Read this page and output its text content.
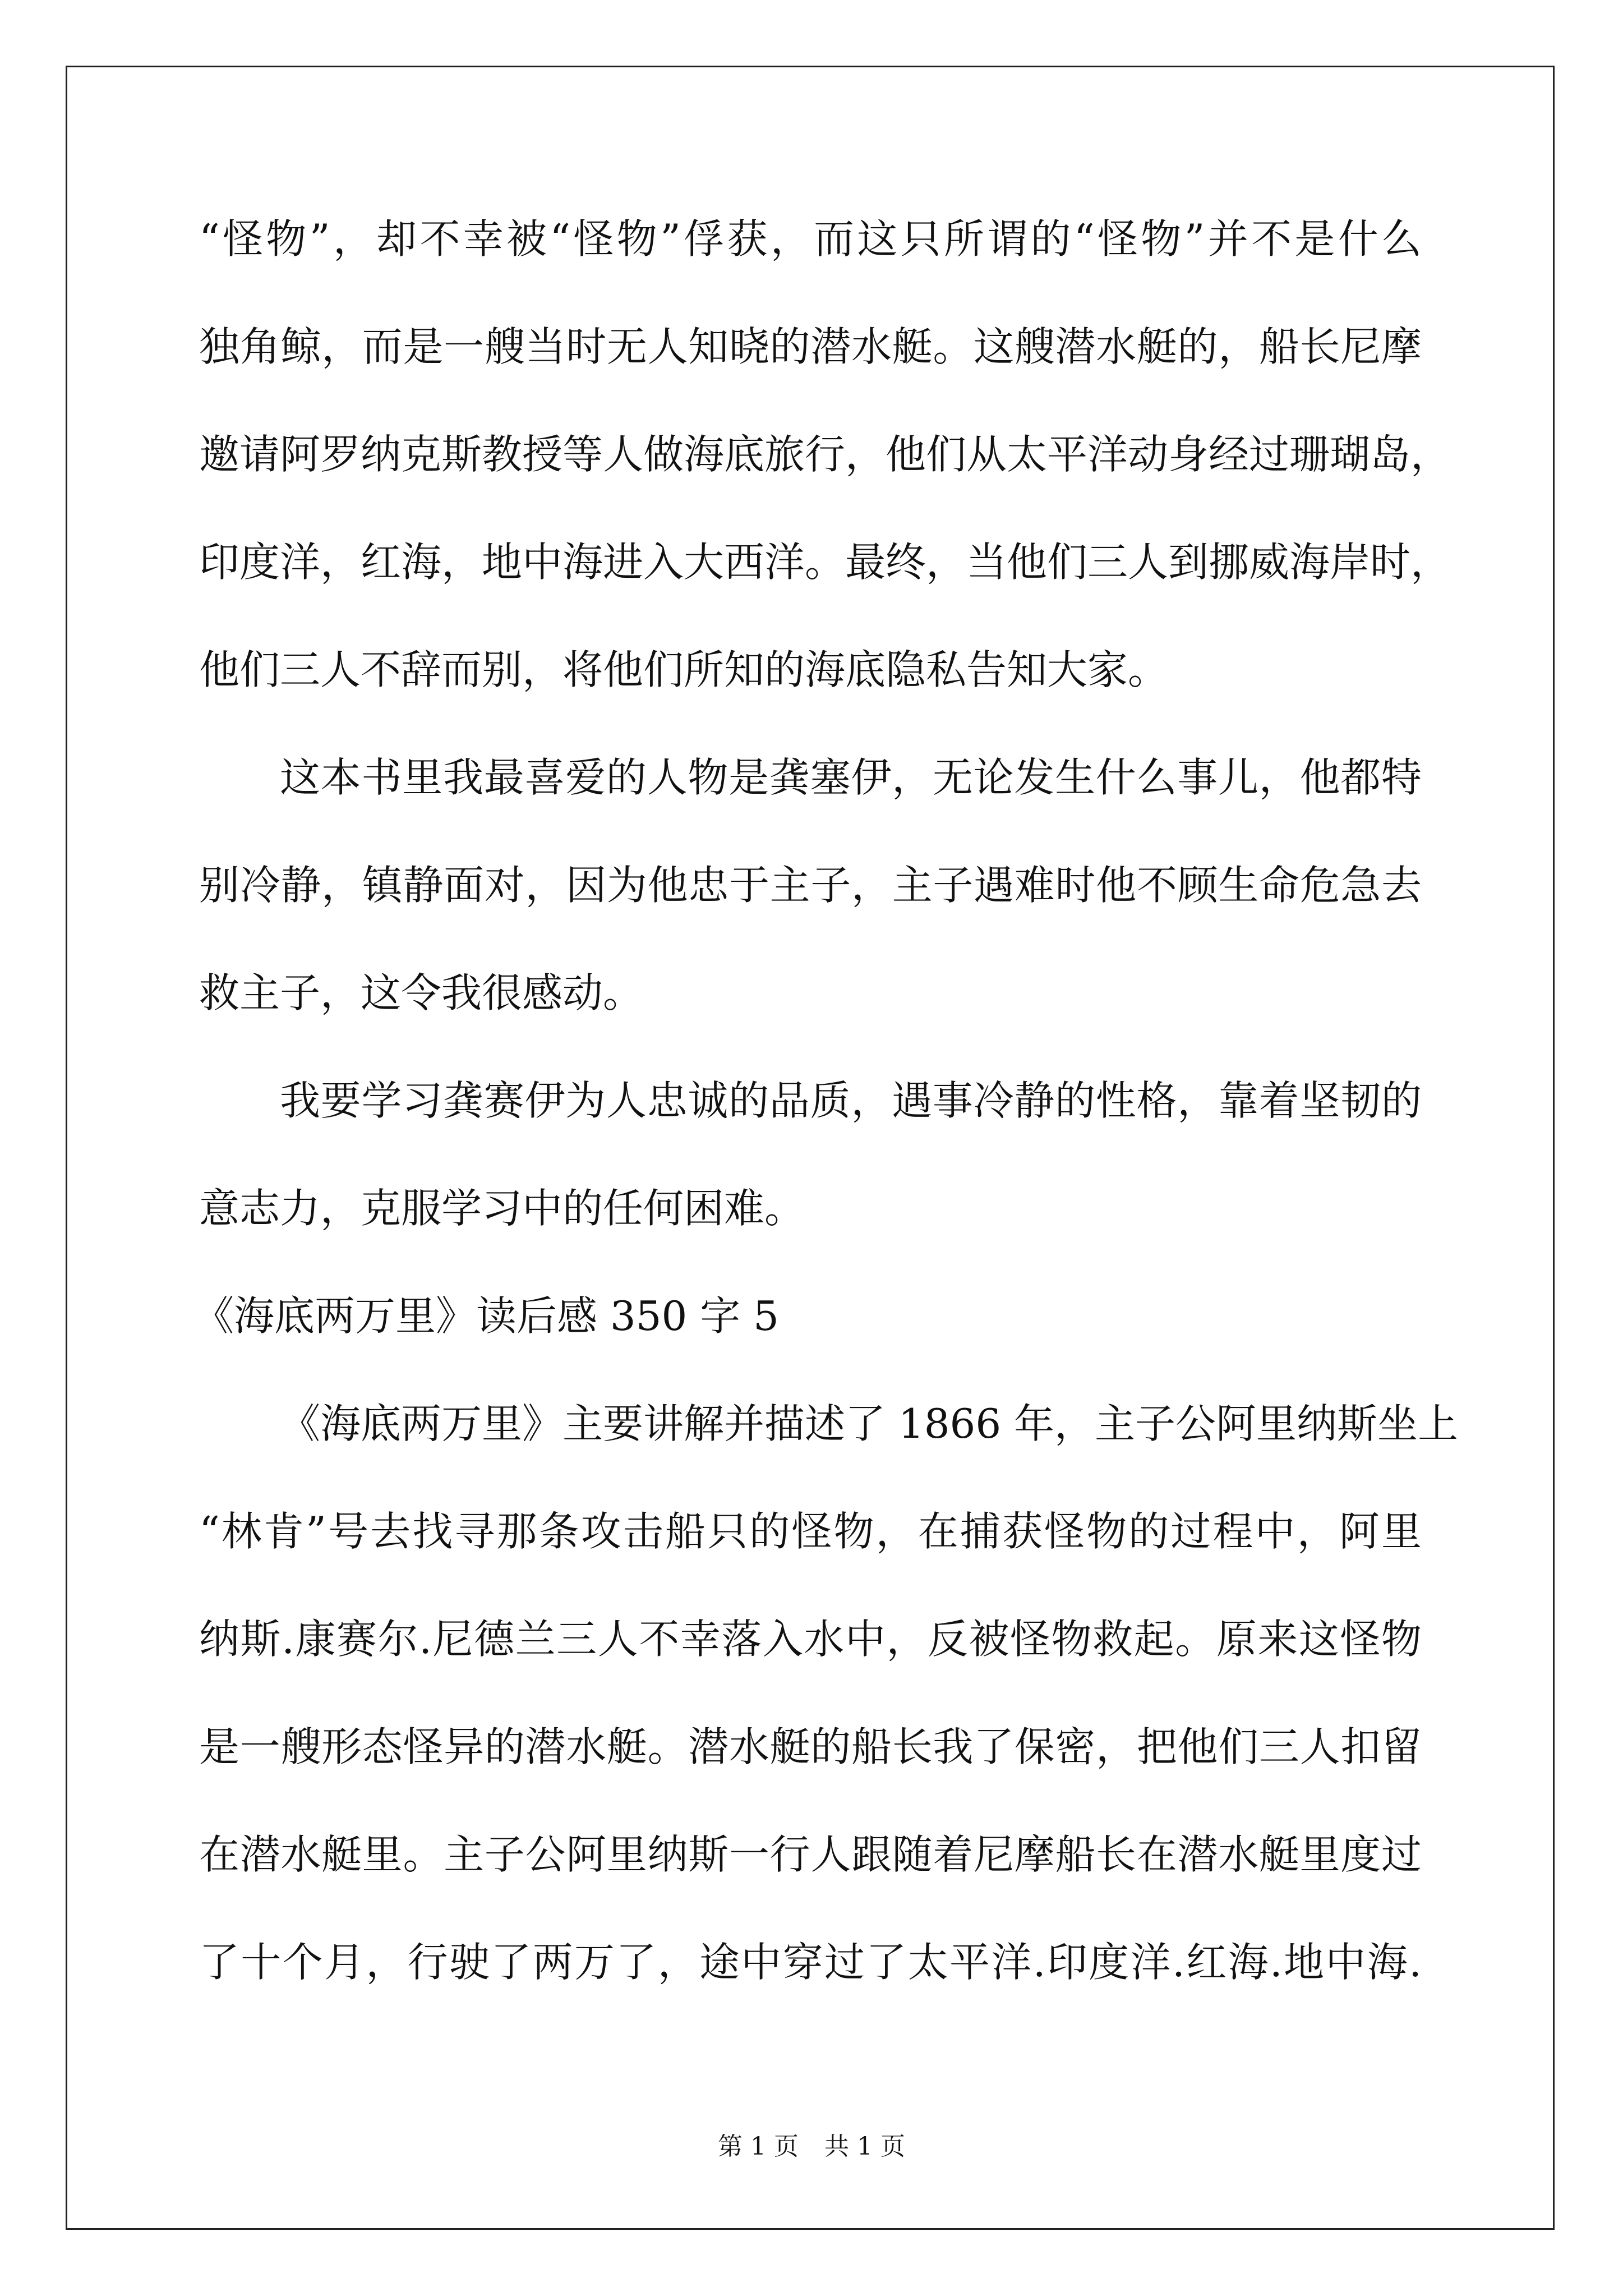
“怪物”，却不幸被“怪物”俘获，而这只所谓的“怪物”并不是什么
独角鲸，而是一艘当时无人知晓的潜水艇。这艘潜水艇的，船长尼摩
邀请阿罗纳克斯教授等人做海底旅行，他们从太平洋动身经过珊瑚岛，
印度洋，红海，地中海进入大西洋。最终，当他们三人到挪威海岸时，
他们三人不辞而别，将他们所知的海底隐私告知大家。
这本书里我最喜爱的人物是龚塞伊，无论发生什么事儿，他都特
别冷静，镇静面对，因为他忠于主子，主子遇难时他不顾生命危急去
救主子，这令我很感动。
我要学习龚赛伊为人忠诚的品质，遇事冷静的性格，靠着坚韧的
意志力，克服学习中的任何困难。
《海底两万里》读后感 350 字 5
《海底两万里》主要讲解并描述了 1866 年，主子公阿里纳斯坐上
“林肯”号去找寻那条攻击船只的怪物，在捕获怪物的过程中，阿里
纳斯.康赛尔.尼德兰三人不幸落入水中，反被怪物救起。原来这怪物
是一艘形态怪异的潜水艇。潜水艇的船长我了保密，把他们三人扣留
在潜水艇里。主子公阿里纳斯一行人跟随着尼摩船长在潜水艇里度过
了十个月，行驶了两万了，途中穿过了太平洋.印度洋.红海.地中海.
第 1 页 共 1 页
